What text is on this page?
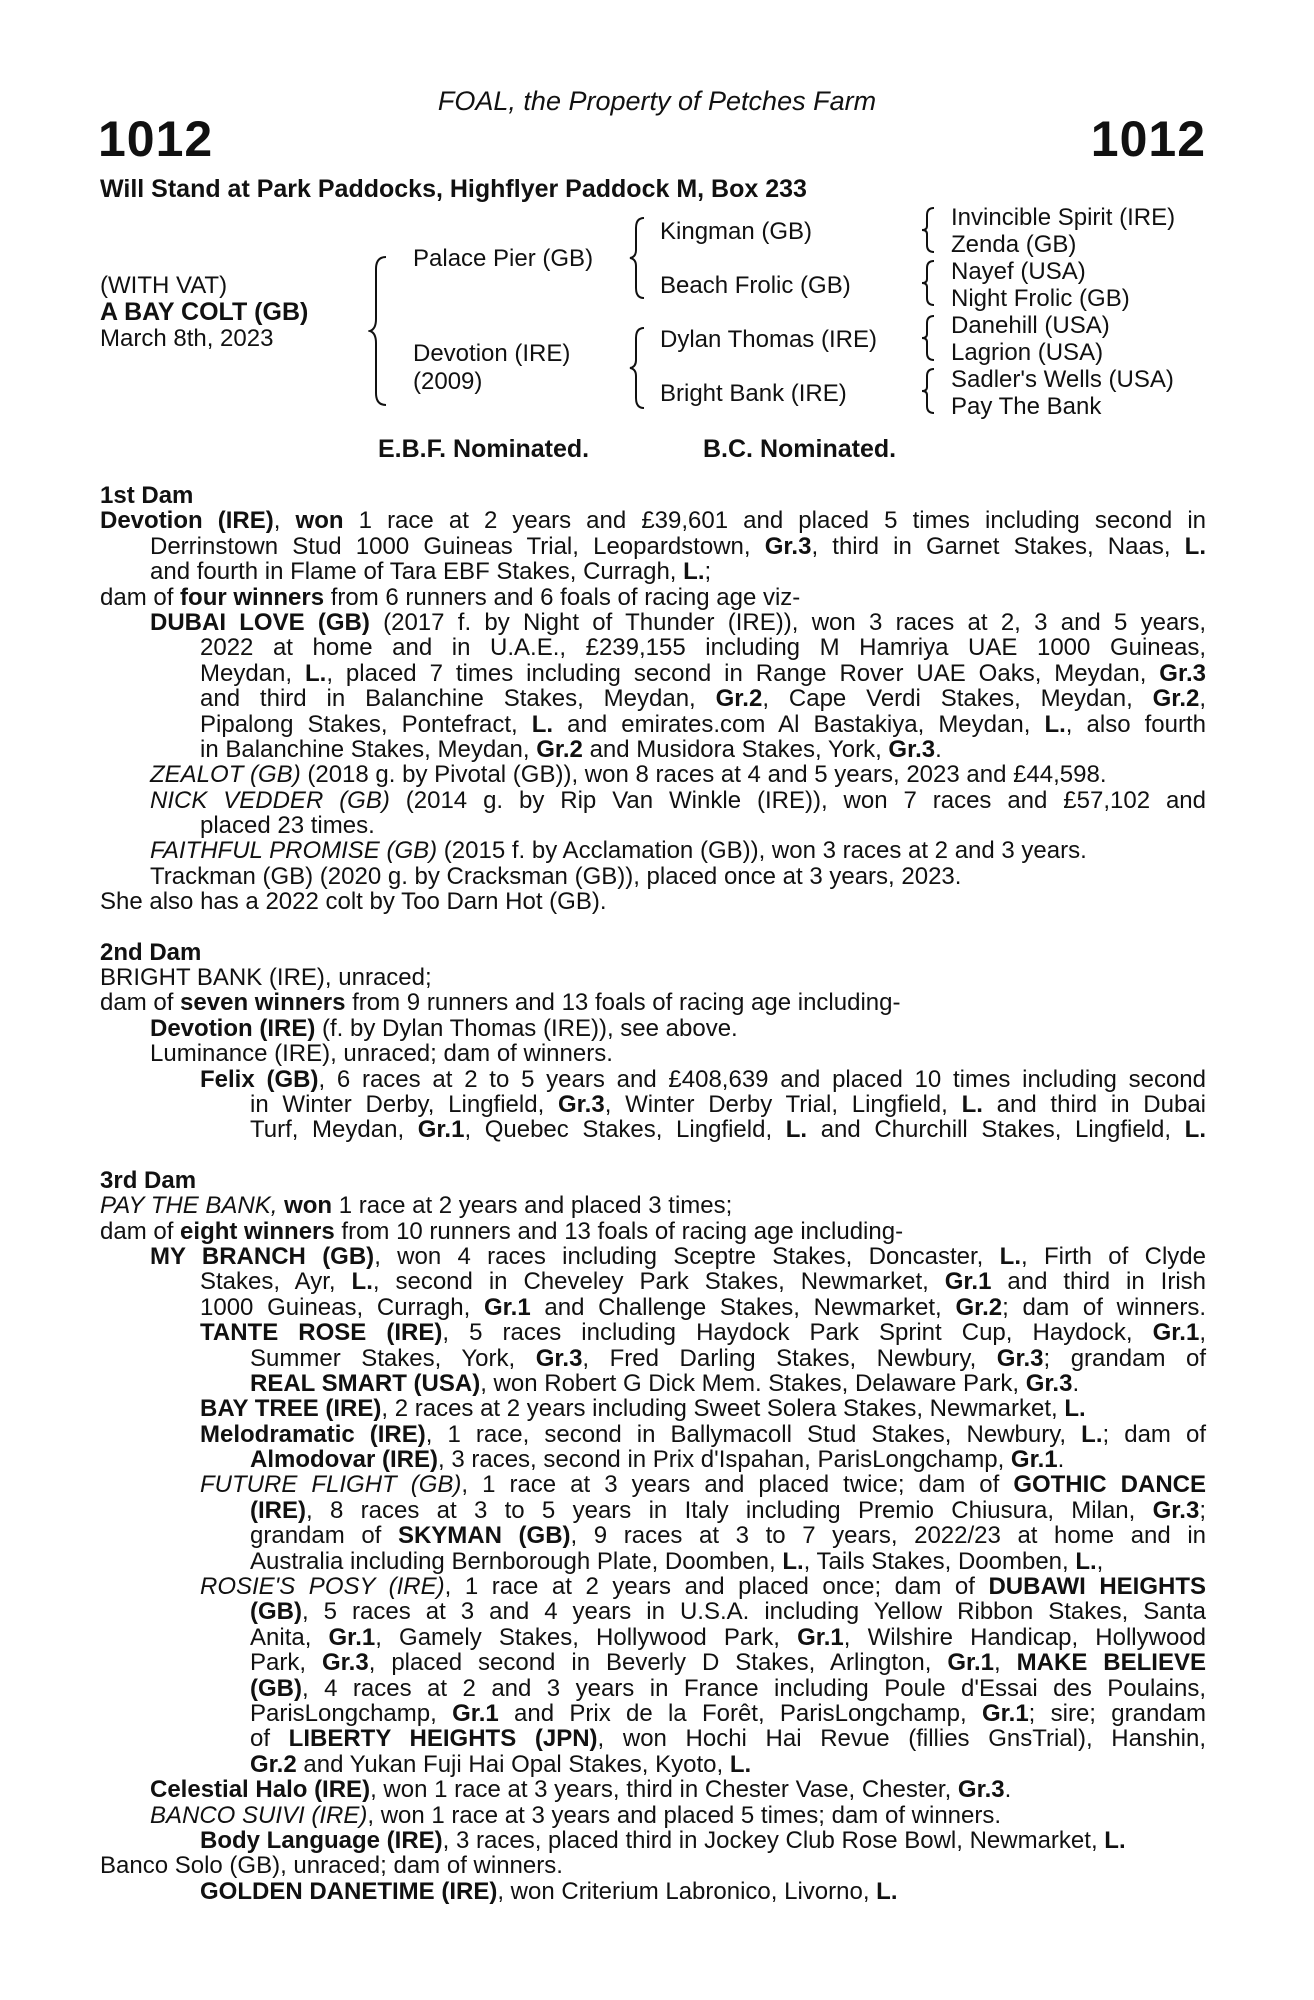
FOAL, the Property of Petches Farm
1012	1012
Will Stand at Park Paddocks, Highflyer Paddock M, Box 233
(WITH VAT)
A BAY COLT (GB)
March 8th, 2023
Palace Pier (GB)
Devotion (IRE)
(2009)
Kingman (GB)
Beach Frolic (GB)
Dylan Thomas (IRE)
Bright Bank (IRE)
Invincible Spirit (IRE)
Zenda (GB)
Nayef (USA)
Night Frolic (GB)
Danehill (USA)
Lagrion (USA)
Sadler's Wells (USA)
Pay The Bank
E.B.F. Nominated.	B.C. Nominated.
1st Dam
Devotion (IRE), won 1 race at 2 years and £39,601 and placed 5 times including second in
Derrinstown Stud 1000 Guineas Trial, Leopardstown, Gr.3, third in Garnet Stakes, Naas, L.
and fourth in Flame of Tara EBF Stakes, Curragh, L.;
dam of four winners from 6 runners and 6 foals of racing age viz-
DUBAI LOVE (GB) (2017 f. by Night of Thunder (IRE)), won 3 races at 2, 3 and 5 years,
2022 at home and in U.A.E., £239,155 including M Hamriya UAE 1000 Guineas,
Meydan, L., placed 7 times including second in Range Rover UAE Oaks, Meydan, Gr.3
and third in Balanchine Stakes, Meydan, Gr.2, Cape Verdi Stakes, Meydan, Gr.2,
Pipalong Stakes, Pontefract, L. and emirates.com Al Bastakiya, Meydan, L., also fourth
in Balanchine Stakes, Meydan, Gr.2 and Musidora Stakes, York, Gr.3.
ZEALOT (GB) (2018 g. by Pivotal (GB)), won 8 races at 4 and 5 years, 2023 and £44,598.
NICK VEDDER (GB) (2014 g. by Rip Van Winkle (IRE)), won 7 races and £57,102 and
placed 23 times.
FAITHFUL PROMISE (GB) (2015 f. by Acclamation (GB)), won 3 races at 2 and 3 years.
Trackman (GB) (2020 g. by Cracksman (GB)), placed once at 3 years, 2023.
She also has a 2022 colt by Too Darn Hot (GB).
2nd Dam
BRIGHT BANK (IRE), unraced;
dam of seven winners from 9 runners and 13 foals of racing age including-
Devotion (IRE) (f. by Dylan Thomas (IRE)), see above.
Luminance (IRE), unraced; dam of winners.
Felix (GB), 6 races at 2 to 5 years and £408,639 and placed 10 times including second
in Winter Derby, Lingfield, Gr.3, Winter Derby Trial, Lingfield, L. and third in Dubai
Turf, Meydan, Gr.1, Quebec Stakes, Lingfield, L. and Churchill Stakes, Lingfield, L.
3rd Dam
PAY THE BANK, won 1 race at 2 years and placed 3 times;
dam of eight winners from 10 runners and 13 foals of racing age including-
MY BRANCH (GB), won 4 races including Sceptre Stakes, Doncaster, L., Firth of Clyde
Stakes, Ayr, L., second in Cheveley Park Stakes, Newmarket, Gr.1 and third in Irish
1000 Guineas, Curragh, Gr.1 and Challenge Stakes, Newmarket, Gr.2; dam of winners.
TANTE ROSE (IRE), 5 races including Haydock Park Sprint Cup, Haydock, Gr.1,
Summer Stakes, York, Gr.3, Fred Darling Stakes, Newbury, Gr.3; grandam of
REAL SMART (USA), won Robert G Dick Mem. Stakes, Delaware Park, Gr.3.
BAY TREE (IRE), 2 races at 2 years including Sweet Solera Stakes, Newmarket, L.
Melodramatic (IRE), 1 race, second in Ballymacoll Stud Stakes, Newbury, L.; dam of
Almodovar (IRE), 3 races, second in Prix d'Ispahan, ParisLongchamp, Gr.1.
FUTURE FLIGHT (GB), 1 race at 3 years and placed twice; dam of GOTHIC DANCE
(IRE), 8 races at 3 to 5 years in Italy including Premio Chiusura, Milan, Gr.3;
grandam of SKYMAN (GB), 9 races at 3 to 7 years, 2022/23 at home and in
Australia including Bernborough Plate, Doomben, L., Tails Stakes, Doomben, L.,
ROSIE'S POSY (IRE), 1 race at 2 years and placed once; dam of DUBAWI HEIGHTS
(GB), 5 races at 3 and 4 years in U.S.A. including Yellow Ribbon Stakes, Santa
Anita, Gr.1, Gamely Stakes, Hollywood Park, Gr.1, Wilshire Handicap, Hollywood
Park, Gr.3, placed second in Beverly D Stakes, Arlington, Gr.1, MAKE BELIEVE
(GB), 4 races at 2 and 3 years in France including Poule d'Essai des Poulains,
ParisLongchamp, Gr.1 and Prix de la Forêt, ParisLongchamp, Gr.1; sire; grandam
of LIBERTY HEIGHTS (JPN), won Hochi Hai Revue (fillies GnsTrial), Hanshin,
Gr.2 and Yukan Fuji Hai Opal Stakes, Kyoto, L.
Celestial Halo (IRE), won 1 race at 3 years, third in Chester Vase, Chester, Gr.3.
BANCO SUIVI (IRE), won 1 race at 3 years and placed 5 times; dam of winners.
Body Language (IRE), 3 races, placed third in Jockey Club Rose Bowl, Newmarket, L.
Banco Solo (GB), unraced; dam of winners.
GOLDEN DANETIME (IRE), won Criterium Labronico, Livorno, L.
